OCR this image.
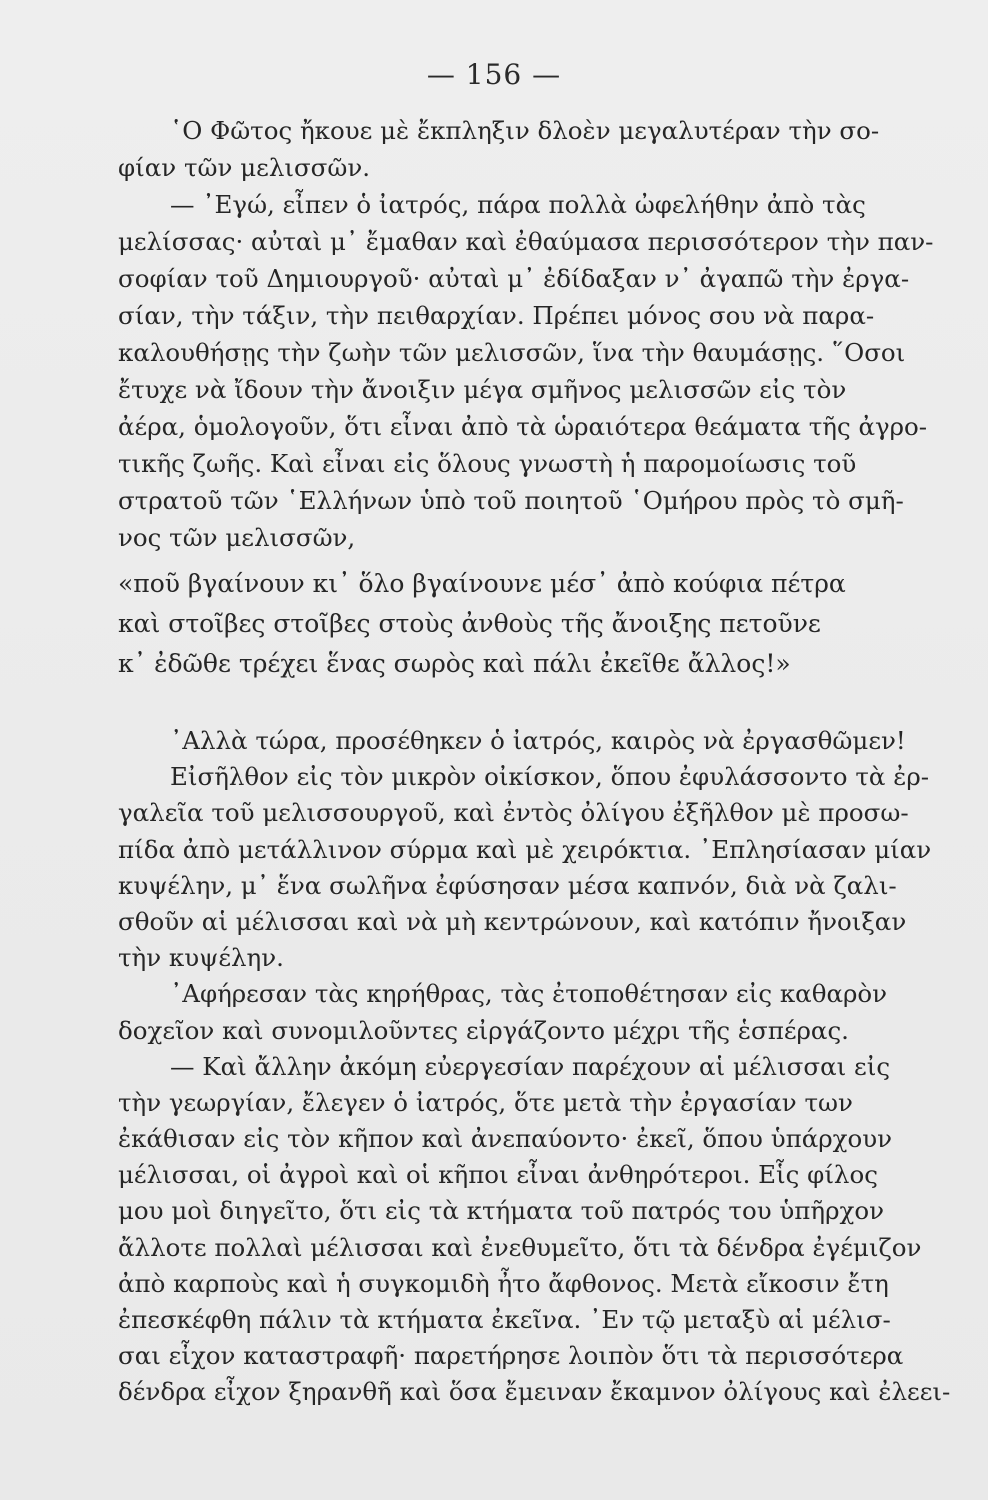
— 156 —

῾Ο Φῶτος ἤκουε μὲ ἔκπληξιν δλοὲν μεγαλυτέραν τὴν σο-
φίαν τῶν μελισσῶν.

— ᾿Εγώ, εἶπεν ὁ ἰατρός, πάρα πολλὰ ὠφελήθην ἀπὸ τὰς
μελίσσας· αὐταὶ μ᾿ ἔμαθαν καὶ ἐθαύμασα περισσότερον τὴν παν-
σοφίαν τοῦ Δημιουργοῦ· αὐταὶ μ᾿ ἐδίδαξαν ν᾿ ἀγαπῶ τὴν ἐργα-
σίαν, τὴν τάξιν, τὴν πειθαρχίαν. Πρέπει μόνος σου νὰ παρα-
καλουθήσῃς τὴν ζωὴν τῶν μελισσῶν, ἵνα τὴν θαυμάσῃς. ῞Οσοι
ἔτυχε νὰ ἴδουν τὴν ἄνοιξιν μέγα σμῆνος μελισσῶν εἰς τὸν
ἀέρα, ὁμολογοῦν, ὅτι εἶναι ἀπὸ τὰ ὡραιότερα θεάματα τῆς ἀγρο-
τικῆς ζωῆς. Καὶ εἶναι εἰς ὅλους γνωστὴ ἡ παρομοίωσις τοῦ
στρατοῦ τῶν ῾Ελλήνων ὑπὸ τοῦ ποιητοῦ ῾Ομήρου πρὸς τὸ σμῆ-
νος τῶν μελισσῶν,

«ποῦ βγαίνουν κι᾿ ὅλο βγαίνουνε μέσ᾿ ἀπὸ κούφια πέτρα
καὶ στοῖβες στοῖβες στοὺς ἀνθοὺς τῆς ἄνοιξης πετοῦνε
κ᾿ ἐδῶθε τρέχει ἕνας σωρὸς καὶ πάλι ἐκεῖθε ἄλλος!»

᾿Αλλὰ τώρα, προσέθηκεν ὁ ἰατρός, καιρὸς νὰ ἐργασθῶμεν!
Εἰσῆλθον εἰς τὸν μικρὸν οἰκίσκον, ὅπου ἐφυλάσσοντο τὰ ἐρ-
γαλεῖα τοῦ μελισσουργοῦ, καὶ ἐντὸς ὀλίγου ἐξῆλθον μὲ προσω-
πίδα ἀπὸ μετάλλινον σύρμα καὶ μὲ χειρόκτια. ᾿Επλησίασαν μίαν
κυψέλην, μ᾿ ἕνα σωλῆνα ἐφύσησαν μέσα καπνόν, διὰ νὰ ζαλι-
σθοῦν αἱ μέλισσαι καὶ νὰ μὴ κεντρώνουν, καὶ κατόπιν ἤνοιξαν
τὴν κυψέλην.

᾿Αφήρεσαν τὰς κηρήθρας, τὰς ἐτοποθέτησαν εἰς καθαρὸν
δοχεῖον καὶ συνομιλοῦντες εἰργάζοντο μέχρι τῆς ἑσπέρας.

— Καὶ ἄλλην ἀκόμη εὐεργεσίαν παρέχουν αἱ μέλισσαι εἰς
τὴν γεωργίαν, ἔλεγεν ὁ ἰατρός, ὅτε μετὰ τὴν ἐργασίαν των
ἐκάθισαν εἰς τὸν κῆπον καὶ ἀνεπαύοντο· ἐκεῖ, ὅπου ὑπάρχουν
μέλισσαι, οἱ ἀγροὶ καὶ οἱ κῆποι εἶναι ἀνθηρότεροι. Εἷς φίλος
μου μοὶ διηγεῖτο, ὅτι εἰς τὰ κτήματα τοῦ πατρός του ὑπῆρχον
ἄλλοτε πολλαὶ μέλισσαι καὶ ἐνεθυμεῖτο, ὅτι τὰ δένδρα ἐγέμιζον
ἀπὸ καρποὺς καὶ ἡ συγκομιδὴ ἦτο ἄφθονος. Μετὰ εἴκοσιν ἔτη
ἐπεσκέφθη πάλιν τὰ κτήματα ἐκεῖνα. ᾿Εν τῷ μεταξὺ αἱ μέλισ-
σαι εἶχον καταστραφῆ· παρετήρησε λοιπὸν ὅτι τὰ περισσότερα
δένδρα εἶχον ξηρανθῆ καὶ ὅσα ἔμειναν ἔκαμνον ὀλίγους καὶ ἐλεει-
